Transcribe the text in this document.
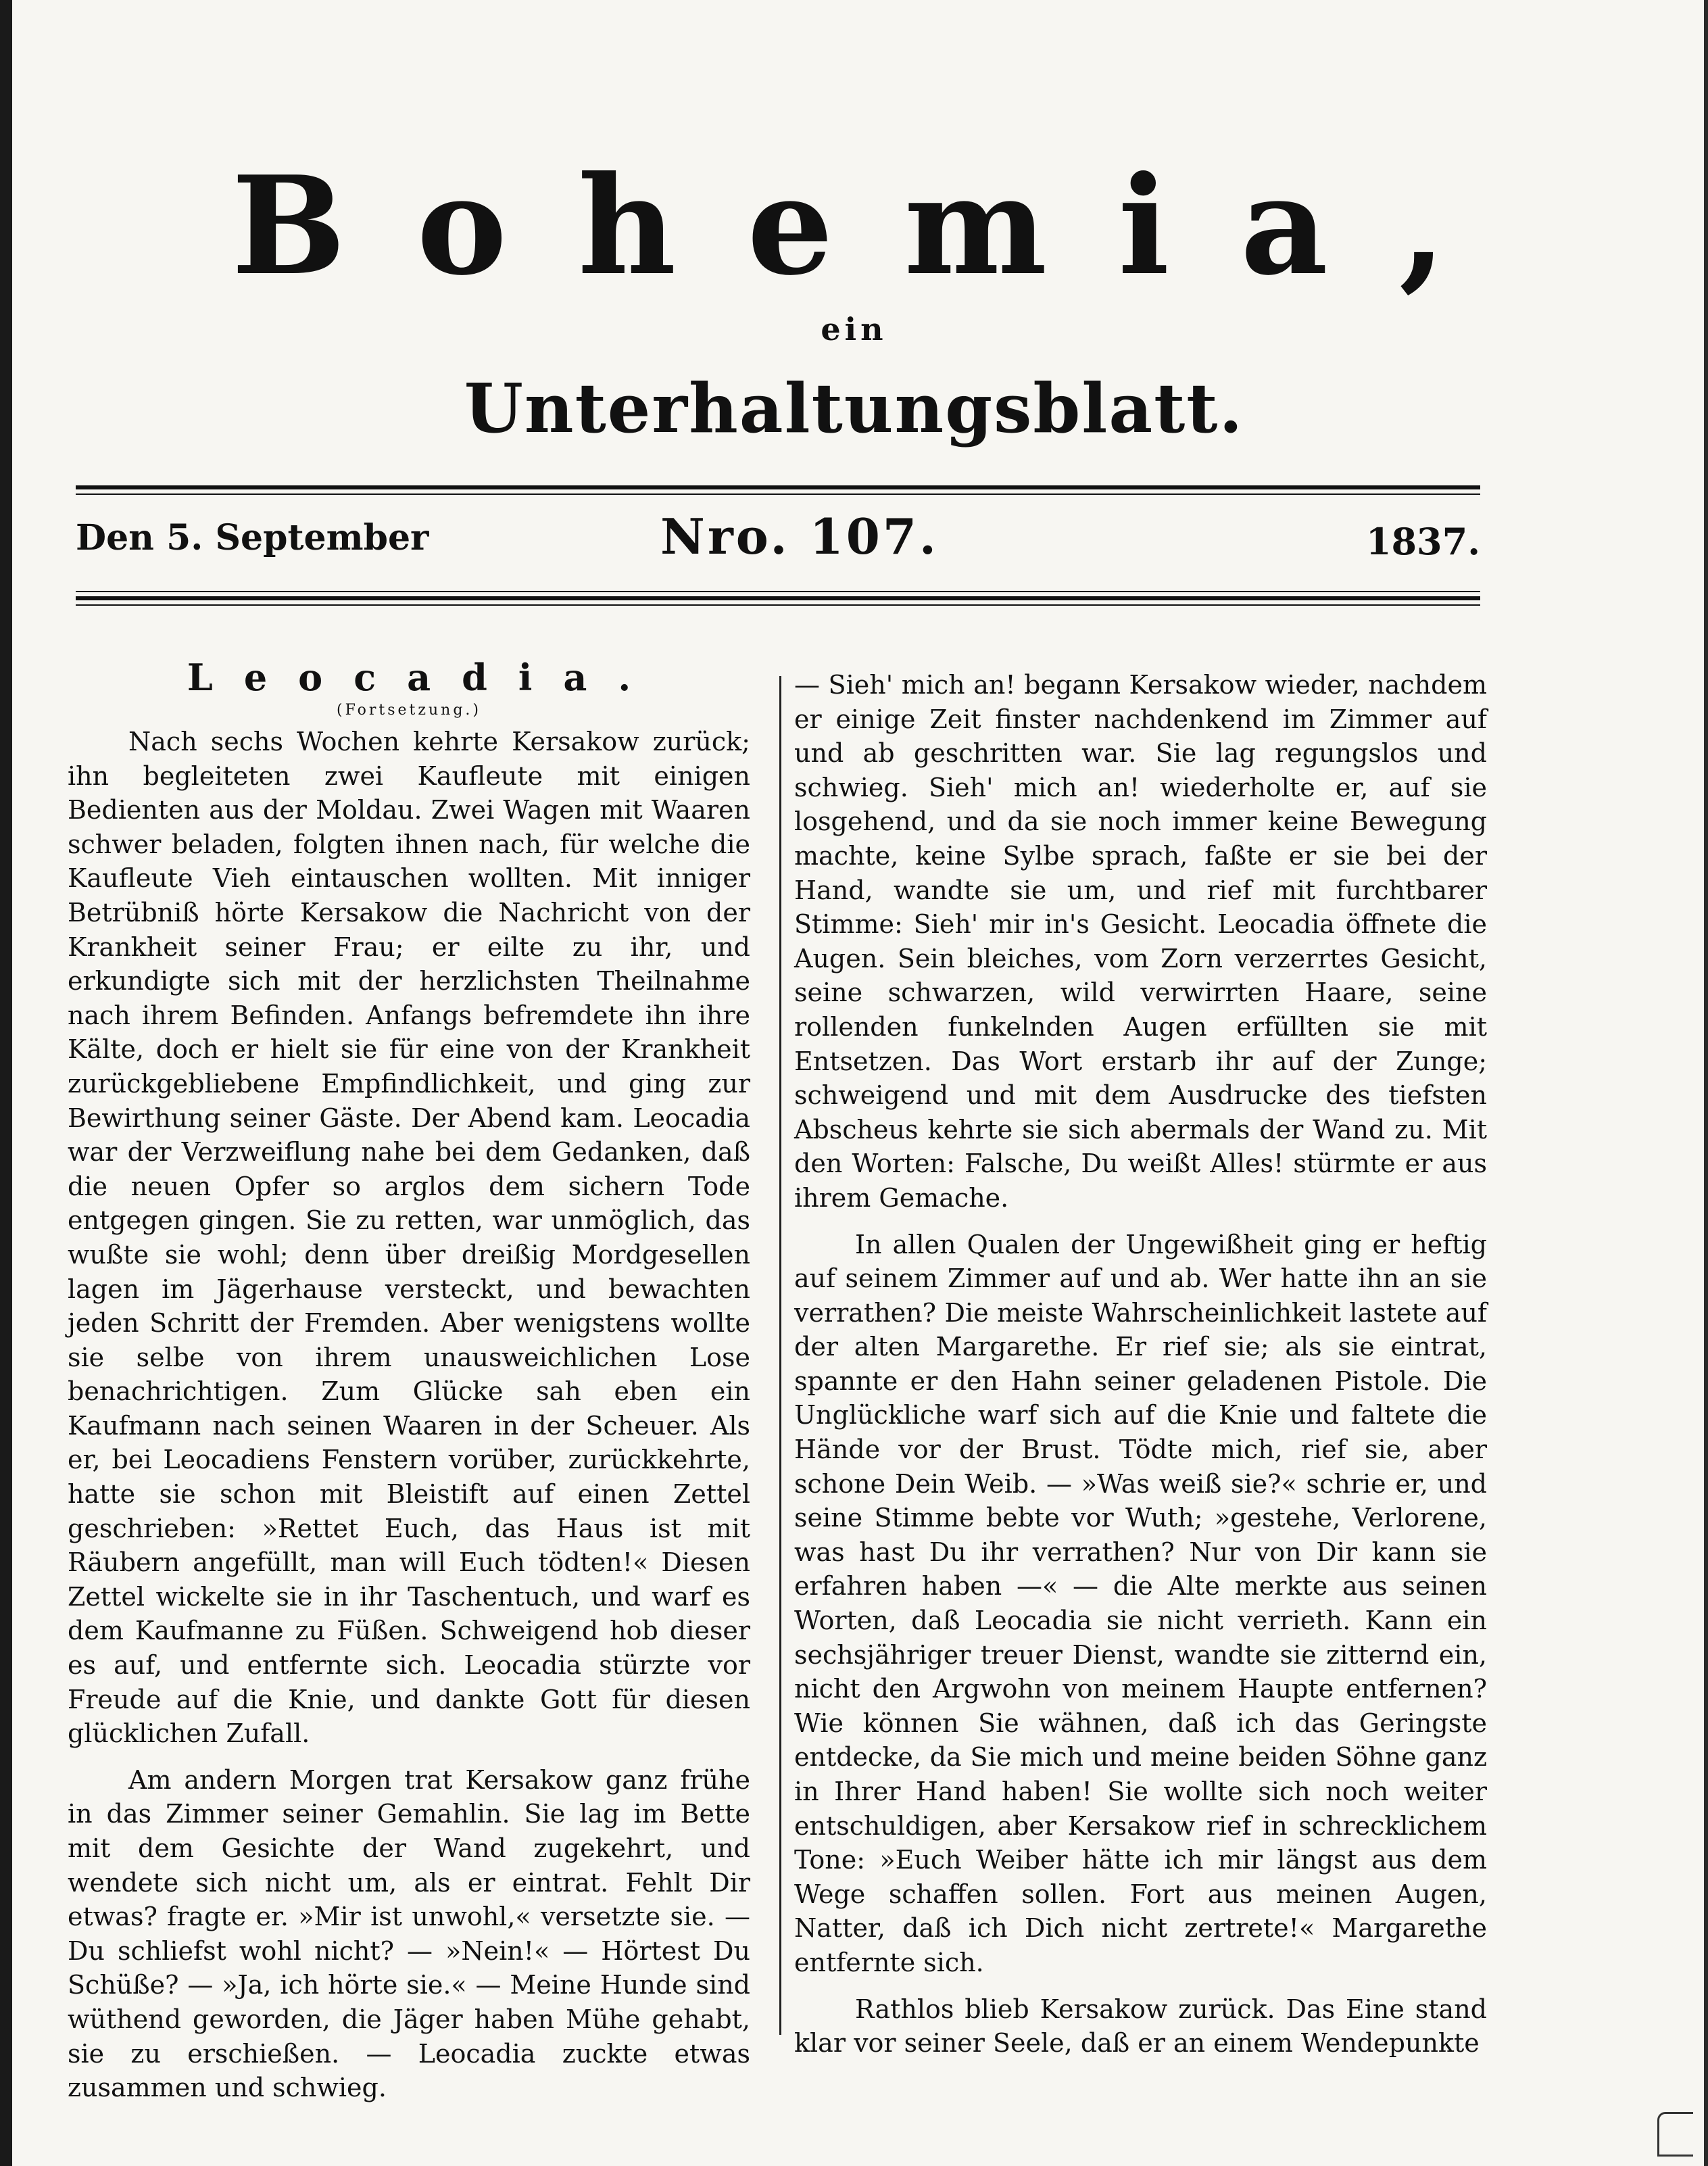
Bohemia,
ein
Unterhaltungsblatt.
Den 5. September	Nro. 107.	1837.
Leocadia.
(Fortsetzung.)

Nach sechs Wochen kehrte Kersakow zurück; ihn begleiteten zwei Kaufleute mit einigen Bedienten aus der Moldau. Zwei Wagen mit Waaren schwer beladen, folgten ihnen nach, für welche die Kaufleute Vieh eintauschen wollten. Mit inniger Betrübniß hörte Kersakow die Nachricht von der Krankheit seiner Frau; er eilte zu ihr, und erkundigte sich mit der herzlichsten Theilnahme nach ihrem Befinden. Anfangs befremdete ihn ihre Kälte, doch er hielt sie für eine von der Krankheit zurückgebliebene Empfindlichkeit, und ging zur Bewirthung seiner Gäste. Der Abend kam. Leocadia war der Verzweiflung nahe bei dem Gedanken, daß die neuen Opfer so arglos dem sichern Tode entgegen gingen. Sie zu retten, war unmöglich, das wußte sie wohl; denn über dreißig Mordgesellen lagen im Jägerhause versteckt, und bewachten jeden Schritt der Fremden. Aber wenigstens wollte sie selbe von ihrem unausweichlichen Lose benachrichtigen. Zum Glücke sah eben ein Kaufmann nach seinen Waaren in der Scheuer. Als er, bei Leocadiens Fenstern vorüber, zurückkehrte, hatte sie schon mit Bleistift auf einen Zettel geschrieben: »Rettet Euch, das Haus ist mit Räubern angefüllt, man will Euch tödten!« Diesen Zettel wickelte sie in ihr Taschentuch, und warf es dem Kaufmanne zu Füßen. Schweigend hob dieser es auf, und entfernte sich. Leocadia stürzte vor Freude auf die Knie, und dankte Gott für diesen glücklichen Zufall.

Am andern Morgen trat Kersakow ganz frühe in das Zimmer seiner Gemahlin. Sie lag im Bette mit dem Gesichte der Wand zugekehrt, und wendete sich nicht um, als er eintrat. Fehlt Dir etwas? fragte er. »Mir ist unwohl,« versetzte sie. — Du schliefst wohl nicht? — »Nein!« — Hörtest Du Schüße? — »Ja, ich hörte sie.« — Meine Hunde sind wüthend geworden, die Jäger haben Mühe gehabt, sie zu erschießen. — Leocadia zuckte etwas zusammen und schwieg.

— Sieh' mich an! begann Kersakow wieder, nachdem er einige Zeit finster nachdenkend im Zimmer auf und ab geschritten war. Sie lag regungslos und schwieg. Sieh' mich an! wiederholte er, auf sie losgehend, und da sie noch immer keine Bewegung machte, keine Sylbe sprach, faßte er sie bei der Hand, wandte sie um, und rief mit furchtbarer Stimme: Sieh' mir in's Gesicht. Leocadia öffnete die Augen. Sein bleiches, vom Zorn verzerrtes Gesicht, seine schwarzen, wild verwirrten Haare, seine rollenden funkelnden Augen erfüllten sie mit Entsetzen. Das Wort erstarb ihr auf der Zunge; schweigend und mit dem Ausdrucke des tiefsten Abscheus kehrte sie sich abermals der Wand zu. Mit den Worten: Falsche, Du weißt Alles! stürmte er aus ihrem Gemache.

In allen Qualen der Ungewißheit ging er heftig auf seinem Zimmer auf und ab. Wer hatte ihn an sie verrathen? Die meiste Wahrscheinlichkeit lastete auf der alten Margarethe. Er rief sie; als sie eintrat, spannte er den Hahn seiner geladenen Pistole. Die Unglückliche warf sich auf die Knie und faltete die Hände vor der Brust. Tödte mich, rief sie, aber schone Dein Weib. — »Was weiß sie?« schrie er, und seine Stimme bebte vor Wuth; »gestehe, Verlorene, was hast Du ihr verrathen? Nur von Dir kann sie erfahren haben —« — die Alte merkte aus seinen Worten, daß Leocadia sie nicht verrieth. Kann ein sechsjähriger treuer Dienst, wandte sie zitternd ein, nicht den Argwohn von meinem Haupte entfernen? Wie können Sie wähnen, daß ich das Geringste entdecke, da Sie mich und meine beiden Söhne ganz in Ihrer Hand haben! Sie wollte sich noch weiter entschuldigen, aber Kersakow rief in schrecklichem Tone: »Euch Weiber hätte ich mir längst aus dem Wege schaffen sollen. Fort aus meinen Augen, Natter, daß ich Dich nicht zertrete!« Margarethe entfernte sich.

Rathlos blieb Kersakow zurück. Das Eine stand klar vor seiner Seele, daß er an einem Wendepunkte
